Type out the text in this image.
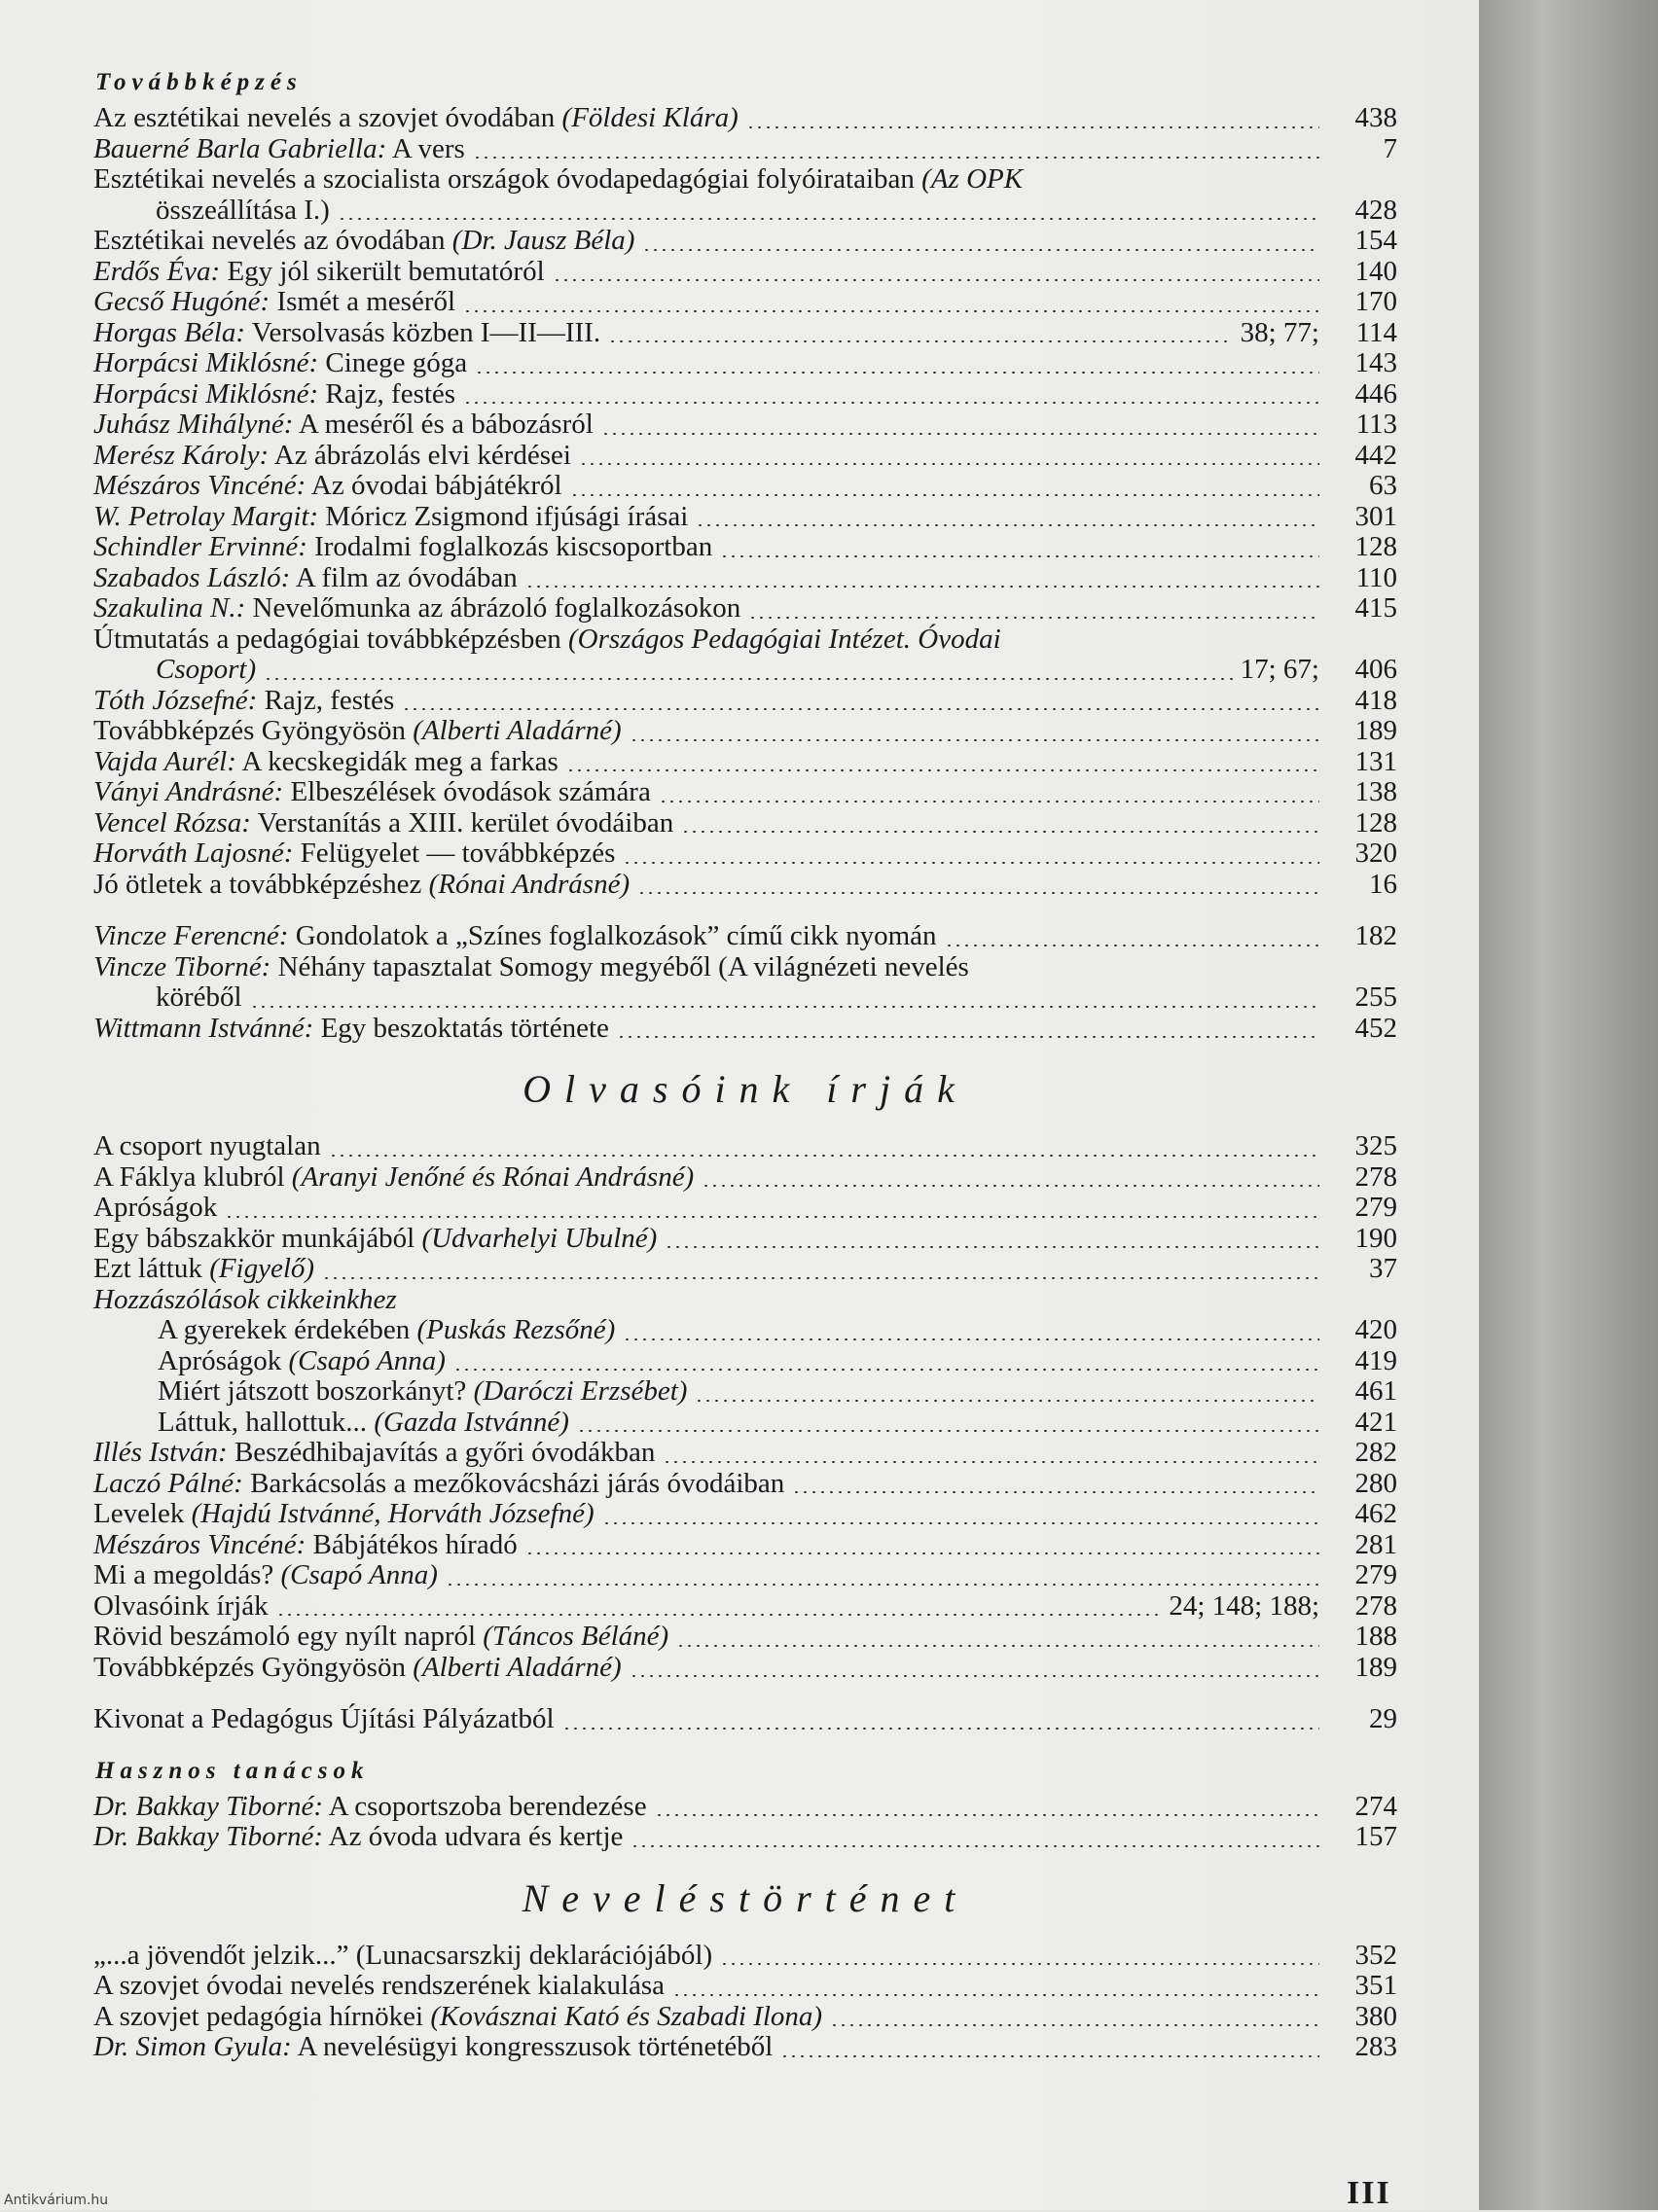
Továbbképzés
Az esztétikai nevelés a szovjet óvodában (Földesi Klára)	438
Bauerné Barla Gabriella: A vers	7
Esztétikai nevelés a szocialista országok óvodapedagógiai folyóirataiban (Az OPK
összeállítása I.)	428
Esztétikai nevelés az óvodában (Dr. Jausz Béla)	154
Erdős Éva: Egy jól sikerült bemutatóról	140
Gecső Hugóné: Ismét a meséről	170
Horgas Béla: Versolvasás közben I—II—III.	38; 77;	114
Horpácsi Miklósné: Cinege góga	143
Horpácsi Miklósné: Rajz, festés	446
Juhász Mihályné: A meséről és a bábozásról	113
Merész Károly: Az ábrázolás elvi kérdései	442
Mészáros Vincéné: Az óvodai bábjátékról	63
W. Petrolay Margit: Móricz Zsigmond ifjúsági írásai	301
Schindler Ervinné: Irodalmi foglalkozás kiscsoportban	128
Szabados László: A film az óvodában	110
Szakulina N.: Nevelőmunka az ábrázoló foglalkozásokon	415
Útmutatás a pedagógiai továbbképzésben (Országos Pedagógiai Intézet. Óvodai
Csoport)	17; 67;	406
Tóth Józsefné: Rajz, festés	418
Továbbképzés Gyöngyösön (Alberti Aladárné)	189
Vajda Aurél: A kecskegidák meg a farkas	131
Ványi Andrásné: Elbeszélések óvodások számára	138
Vencel Rózsa: Verstanítás a XIII. kerület óvodáiban	128
Horváth Lajosné: Felügyelet — továbbképzés	320
Jó ötletek a továbbképzéshez (Rónai Andrásné)	16
Vincze Ferencné: Gondolatok a „Színes foglalkozások” című cikk nyomán	182
Vincze Tiborné: Néhány tapasztalat Somogy megyéből (A világnézeti nevelés
köréből	255
Wittmann Istvánné: Egy beszoktatás története	452
Olvasóink írják
A csoport nyugtalan	325
A Fáklya klubról (Aranyi Jenőné és Rónai Andrásné)	278
Apróságok	279
Egy bábszakkör munkájából (Udvarhelyi Ubulné)	190
Ezt láttuk (Figyelő)	37
Hozzászólások cikkeinkhez
A gyerekek érdekében (Puskás Rezsőné)	420
Apróságok (Csapó Anna)	419
Miért játszott boszorkányt? (Daróczi Erzsébet)	461
Láttuk, hallottuk... (Gazda Istvánné)	421
Illés István: Beszédhibajavítás a győri óvodákban	282
Laczó Pálné: Barkácsolás a mezőkovácsházi járás óvodáiban	280
Levelek (Hajdú Istvánné, Horváth Józsefné)	462
Mészáros Vincéné: Bábjátékos híradó	281
Mi a megoldás? (Csapó Anna)	279
Olvasóink írják	24; 148; 188;	278
Rövid beszámoló egy nyílt napról (Táncos Béláné)	188
Továbbképzés Gyöngyösön (Alberti Aladárné)	189
Kivonat a Pedagógus Újítási Pályázatból	29
Hasznos tanácsok
Dr. Bakkay Tiborné: A csoportszoba berendezése	274
Dr. Bakkay Tiborné: Az óvoda udvara és kertje	157
Neveléstörténet
„...a jövendőt jelzik...” (Lunacsarszkij deklarációjából)	352
A szovjet óvodai nevelés rendszerének kialakulása	351
A szovjet pedagógia hírnökei (Kovásznai Kató és Szabadi Ilona)	380
Dr. Simon Gyula: A nevelésügyi kongresszusok történetéből	283
III
Antikvárium.hu
